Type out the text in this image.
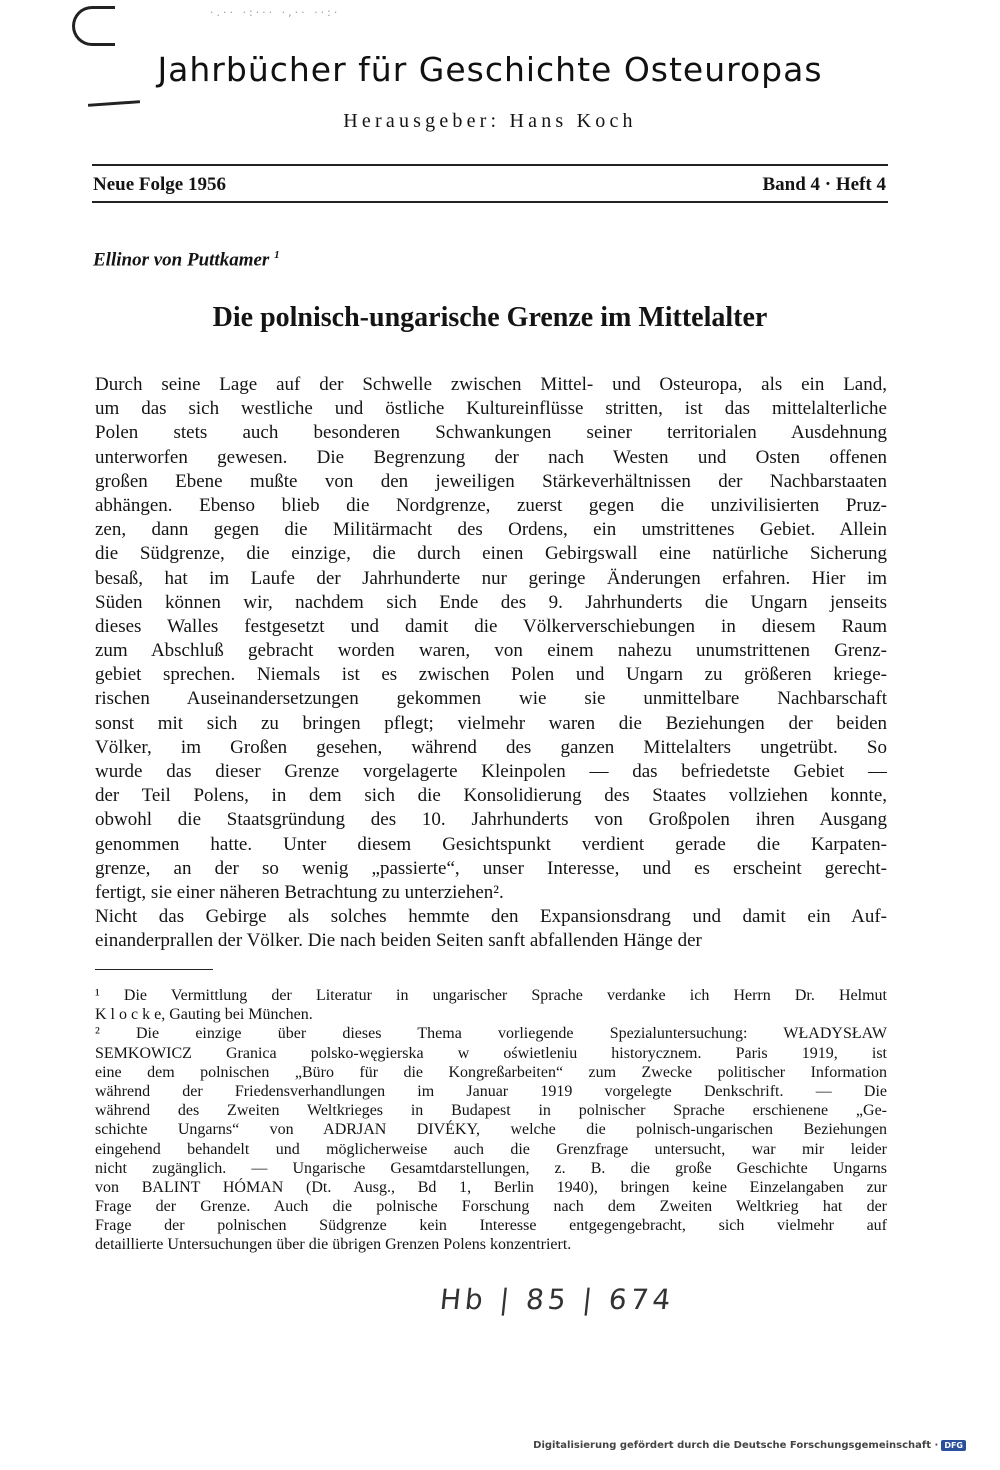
·.·· ·:··· ·,·· ··:·
Jahrbücher für Geschichte Osteuropas
Herausgeber: Hans Koch
Neue Folge 1956	Band 4 · Heft 4
Ellinor von Puttkamer $^1$
Die polnisch-ungarische Grenze im Mittelalter
Durch seine Lage auf der Schwelle zwischen Mittel- und Osteuropa, als ein Land,
um das sich westliche und östliche Kultureinflüsse stritten, ist das mittelalterliche
Polen stets auch besonderen Schwankungen seiner territorialen Ausdehnung
unterworfen gewesen. Die Begrenzung der nach Westen und Osten offenen
großen Ebene mußte von den jeweiligen Stärkeverhältnissen der Nachbarstaaten
abhängen. Ebenso blieb die Nordgrenze, zuerst gegen die unzivilisierten Pruz-
zen, dann gegen die Militärmacht des Ordens, ein umstrittenes Gebiet. Allein
die Südgrenze, die einzige, die durch einen Gebirgswall eine natürliche Sicherung
besaß, hat im Laufe der Jahrhunderte nur geringe Änderungen erfahren. Hier im
Süden können wir, nachdem sich Ende des 9. Jahrhunderts die Ungarn jenseits
dieses Walles festgesetzt und damit die Völkerverschiebungen in diesem Raum
zum Abschluß gebracht worden waren, von einem nahezu unumstrittenen Grenz-
gebiet sprechen. Niemals ist es zwischen Polen und Ungarn zu größeren kriege-
rischen Auseinandersetzungen gekommen wie sie unmittelbare Nachbarschaft
sonst mit sich zu bringen pflegt; vielmehr waren die Beziehungen der beiden
Völker, im Großen gesehen, während des ganzen Mittelalters ungetrübt. So
wurde das dieser Grenze vorgelagerte Kleinpolen — das befriedetste Gebiet —
der Teil Polens, in dem sich die Konsolidierung des Staates vollziehen konnte,
obwohl die Staatsgründung des 10. Jahrhunderts von Großpolen ihren Ausgang
genommen hatte. Unter diesem Gesichtspunkt verdient gerade die Karpaten-
grenze, an der so wenig „passierte“, unser Interesse, und es erscheint gerecht-
fertigt, sie einer näheren Betrachtung zu unterziehen².
Nicht das Gebirge als solches hemmte den Expansionsdrang und damit ein Auf-
einanderprallen der Völker. Die nach beiden Seiten sanft abfallenden Hänge der
¹ Die Vermittlung der Literatur in ungarischer Sprache verdanke ich Herrn Dr. Helmut
K l o c k e, Gauting bei München.
² Die einzige über dieses Thema vorliegende Spezialuntersuchung: WŁADYSŁAW
SEMKOWICZ Granica polsko-węgierska w oświetleniu historycznem. Paris 1919, ist
eine dem polnischen „Büro für die Kongreßarbeiten“ zum Zwecke politischer Information
während der Friedensverhandlungen im Januar 1919 vorgelegte Denkschrift. — Die
während des Zweiten Weltkrieges in Budapest in polnischer Sprache erschienene „Ge-
schichte Ungarns“ von ADRJAN DIVÉKY, welche die polnisch-ungarischen Beziehungen
eingehend behandelt und möglicherweise auch die Grenzfrage untersucht, war mir leider
nicht zugänglich. — Ungarische Gesamtdarstellungen, z. B. die große Geschichte Ungarns
von BALINT HÓMAN (Dt. Ausg., Bd 1, Berlin 1940), bringen keine Einzelangaben zur
Frage der Grenze. Auch die polnische Forschung nach dem Zweiten Weltkrieg hat der
Frage der polnischen Südgrenze kein Interesse entgegengebracht, sich vielmehr auf
detaillierte Untersuchungen über die übrigen Grenzen Polens konzentriert.
Hb | 85 | 674
Digitalisierung gefördert durch die Deutsche Forschungsgemeinschaft · DFG
